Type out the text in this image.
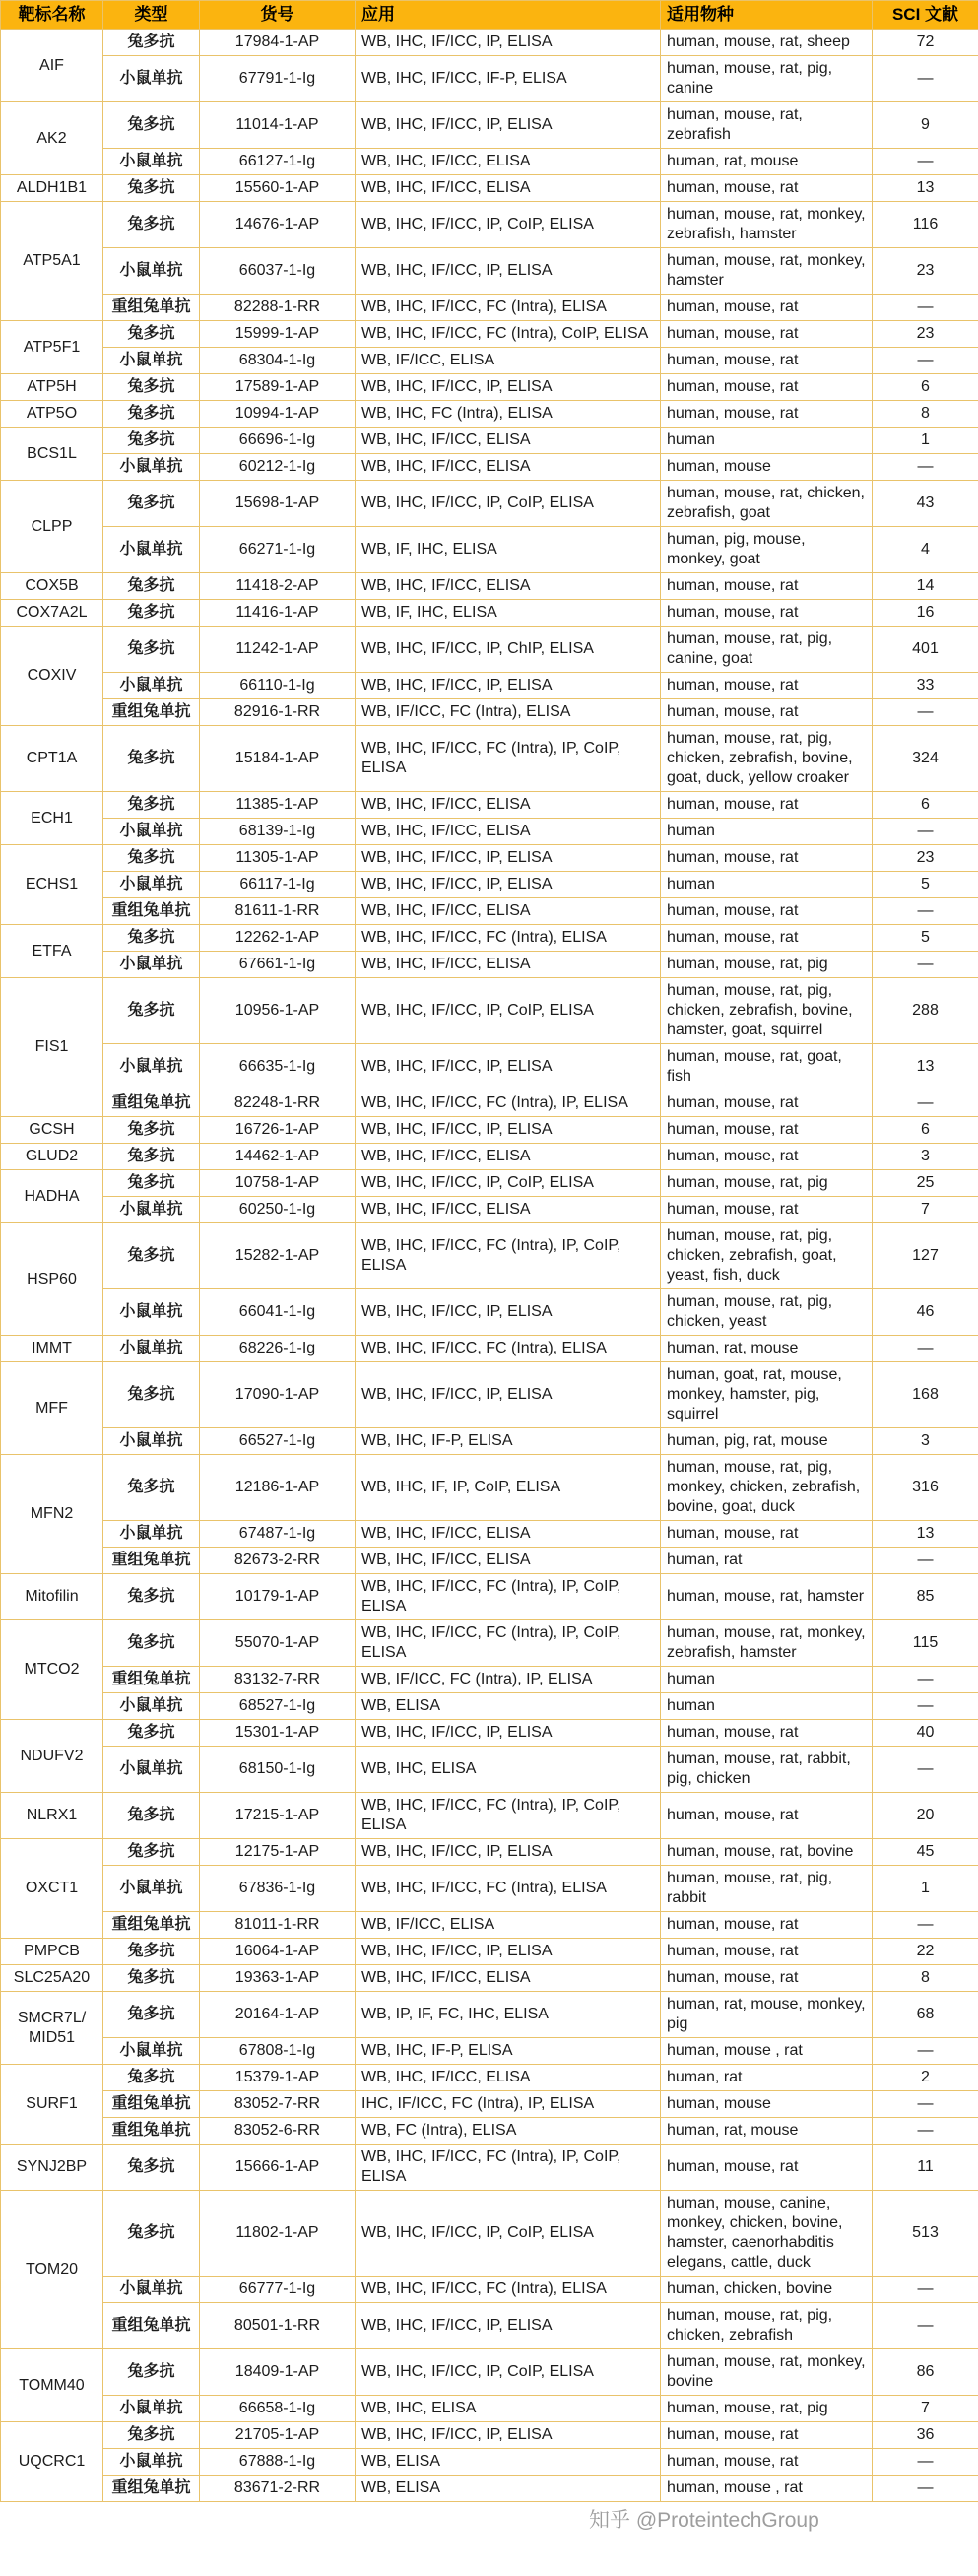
靶标名称	类型	货号	应用	适用物种	SCI 文献
AIF	兔多抗	17984-1-AP	WB, IHC, IF/ICC, IP, ELISA	human, mouse, rat, sheep	72
	小鼠单抗	67791-1-Ig	WB, IHC, IF/ICC, IF-P, ELISA	human, mouse, rat, pig, canine	—
AK2	兔多抗	11014-1-AP	WB, IHC, IF/ICC, IP, ELISA	human, mouse, rat, zebrafish	9
	小鼠单抗	66127-1-Ig	WB, IHC, IF/ICC, ELISA	human, rat, mouse	—
ALDH1B1	兔多抗	15560-1-AP	WB, IHC, IF/ICC, ELISA	human, mouse, rat	13
ATP5A1	兔多抗	14676-1-AP	WB, IHC, IF/ICC, IP, CoIP, ELISA	human, mouse, rat, monkey, zebrafish, hamster	116
	小鼠单抗	66037-1-Ig	WB, IHC, IF/ICC, IP, ELISA	human, mouse, rat, monkey, hamster	23
	重组兔单抗	82288-1-RR	WB, IHC, IF/ICC, FC (Intra), ELISA	human, mouse, rat	—
ATP5F1	兔多抗	15999-1-AP	WB, IHC, IF/ICC, FC (Intra), CoIP, ELISA	human, mouse, rat	23
	小鼠单抗	68304-1-Ig	WB, IF/ICC, ELISA	human, mouse, rat	—
ATP5H	兔多抗	17589-1-AP	WB, IHC, IF/ICC, IP, ELISA	human, mouse, rat	6
ATP5O	兔多抗	10994-1-AP	WB, IHC, FC (Intra), ELISA	human, mouse, rat	8
BCS1L	兔多抗	66696-1-Ig	WB, IHC, IF/ICC, ELISA	human	1
	小鼠单抗	60212-1-Ig	WB, IHC, IF/ICC, ELISA	human, mouse	—
CLPP	兔多抗	15698-1-AP	WB, IHC, IF/ICC, IP, CoIP, ELISA	human, mouse, rat, chicken, zebrafish, goat	43
	小鼠单抗	66271-1-Ig	WB, IF, IHC, ELISA	human, pig, mouse, monkey, goat	4
COX5B	兔多抗	11418-2-AP	WB, IHC, IF/ICC, ELISA	human, mouse, rat	14
COX7A2L	兔多抗	11416-1-AP	WB, IF, IHC, ELISA	human, mouse, rat	16
COXIV	兔多抗	11242-1-AP	WB, IHC, IF/ICC, IP, ChIP, ELISA	human, mouse, rat, pig, canine, goat	401
	小鼠单抗	66110-1-Ig	WB, IHC, IF/ICC, IP, ELISA	human, mouse, rat	33
	重组兔单抗	82916-1-RR	WB, IF/ICC, FC (Intra), ELISA	human, mouse, rat	—
CPT1A	兔多抗	15184-1-AP	WB, IHC, IF/ICC, FC (Intra), IP, CoIP, ELISA	human, mouse, rat, pig, chicken, zebrafish, bovine, goat, duck, yellow croaker	324
ECH1	兔多抗	11385-1-AP	WB, IHC, IF/ICC, ELISA	human, mouse, rat	6
	小鼠单抗	68139-1-Ig	WB, IHC, IF/ICC, ELISA	human	—
ECHS1	兔多抗	11305-1-AP	WB, IHC, IF/ICC, IP, ELISA	human, mouse, rat	23
	小鼠单抗	66117-1-Ig	WB, IHC, IF/ICC, IP, ELISA	human	5
	重组兔单抗	81611-1-RR	WB, IHC, IF/ICC, ELISA	human, mouse, rat	—
ETFA	兔多抗	12262-1-AP	WB, IHC, IF/ICC, FC (Intra), ELISA	human, mouse, rat	5
	小鼠单抗	67661-1-Ig	WB, IHC, IF/ICC, ELISA	human, mouse, rat, pig	—
FIS1	兔多抗	10956-1-AP	WB, IHC, IF/ICC, IP, CoIP, ELISA	human, mouse, rat, pig, chicken, zebrafish, bovine, hamster, goat, squirrel	288
	小鼠单抗	66635-1-Ig	WB, IHC, IF/ICC, IP, ELISA	human, mouse, rat, goat, fish	13
	重组兔单抗	82248-1-RR	WB, IHC, IF/ICC, FC (Intra), IP, ELISA	human, mouse, rat	—
GCSH	兔多抗	16726-1-AP	WB, IHC, IF/ICC, IP, ELISA	human, mouse, rat	6
GLUD2	兔多抗	14462-1-AP	WB, IHC, IF/ICC, ELISA	human, mouse, rat	3
HADHA	兔多抗	10758-1-AP	WB, IHC, IF/ICC, IP, CoIP, ELISA	human, mouse, rat, pig	25
	小鼠单抗	60250-1-Ig	WB, IHC, IF/ICC, ELISA	human, mouse, rat	7
HSP60	兔多抗	15282-1-AP	WB, IHC, IF/ICC, FC (Intra), IP, CoIP, ELISA	human, mouse, rat, pig, chicken, zebrafish, goat, yeast, fish, duck	127
	小鼠单抗	66041-1-Ig	WB, IHC, IF/ICC, IP, ELISA	human, mouse, rat, pig, chicken, yeast	46
IMMT	小鼠单抗	68226-1-Ig	WB, IHC, IF/ICC, FC (Intra), ELISA	human, rat, mouse	—
MFF	兔多抗	17090-1-AP	WB, IHC, IF/ICC, IP, ELISA	human, goat, rat, mouse, monkey, hamster, pig, squirrel	168
	小鼠单抗	66527-1-Ig	WB, IHC, IF-P, ELISA	human, pig, rat, mouse	3
MFN2	兔多抗	12186-1-AP	WB, IHC, IF, IP, CoIP, ELISA	human, mouse, rat, pig, monkey, chicken, zebrafish, bovine, goat, duck	316
	小鼠单抗	67487-1-Ig	WB, IHC, IF/ICC, ELISA	human, mouse, rat	13
	重组兔单抗	82673-2-RR	WB, IHC, IF/ICC, ELISA	human, rat	—
Mitofilin	兔多抗	10179-1-AP	WB, IHC, IF/ICC, FC (Intra), IP, CoIP, ELISA	human, mouse, rat, hamster	85
MTCO2	兔多抗	55070-1-AP	WB, IHC, IF/ICC, FC (Intra), IP, CoIP, ELISA	human, mouse, rat, monkey, zebrafish, hamster	115
	重组兔单抗	83132-7-RR	WB, IF/ICC, FC (Intra), IP, ELISA	human	—
	小鼠单抗	68527-1-Ig	WB, ELISA	human	—
NDUFV2	兔多抗	15301-1-AP	WB, IHC, IF/ICC, IP, ELISA	human, mouse, rat	40
	小鼠单抗	68150-1-Ig	WB, IHC, ELISA	human, mouse, rat, rabbit, pig, chicken	—
NLRX1	兔多抗	17215-1-AP	WB, IHC, IF/ICC, FC (Intra), IP, CoIP, ELISA	human, mouse, rat	20
OXCT1	兔多抗	12175-1-AP	WB, IHC, IF/ICC, IP, ELISA	human, mouse, rat, bovine	45
	小鼠单抗	67836-1-Ig	WB, IHC, IF/ICC, FC (Intra), ELISA	human, mouse, rat, pig, rabbit	1
	重组兔单抗	81011-1-RR	WB, IF/ICC, ELISA	human, mouse, rat	—
PMPCB	兔多抗	16064-1-AP	WB, IHC, IF/ICC, IP, ELISA	human, mouse, rat	22
SLC25A20	兔多抗	19363-1-AP	WB, IHC, IF/ICC, ELISA	human, mouse, rat	8
SMCR7L/ MID51	兔多抗	20164-1-AP	WB, IP, IF, FC, IHC, ELISA	human, rat, mouse, monkey, pig	68
	小鼠单抗	67808-1-Ig	WB, IHC, IF-P, ELISA	human, mouse , rat	—
SURF1	兔多抗	15379-1-AP	WB, IHC, IF/ICC, ELISA	human, rat	2
	重组兔单抗	83052-7-RR	IHC, IF/ICC, FC (Intra), IP, ELISA	human, mouse	—
	重组兔单抗	83052-6-RR	WB, FC (Intra), ELISA	human, rat, mouse	—
SYNJ2BP	兔多抗	15666-1-AP	WB, IHC, IF/ICC, FC (Intra), IP, CoIP, ELISA	human, mouse, rat	11
TOM20	兔多抗	11802-1-AP	WB, IHC, IF/ICC, IP, CoIP, ELISA	human, mouse, canine, monkey, chicken, bovine, hamster, caenorhabditis elegans, cattle, duck	513
	小鼠单抗	66777-1-Ig	WB, IHC, IF/ICC, FC (Intra), ELISA	human, chicken, bovine	—
	重组兔单抗	80501-1-RR	WB, IHC, IF/ICC, IP, ELISA	human, mouse, rat, pig, chicken, zebrafish	—
TOMM40	兔多抗	18409-1-AP	WB, IHC, IF/ICC, IP, CoIP, ELISA	human, mouse, rat, monkey, bovine	86
	小鼠单抗	66658-1-Ig	WB, IHC, ELISA	human, mouse, rat, pig	7
UQCRC1	兔多抗	21705-1-AP	WB, IHC, IF/ICC, IP, ELISA	human, mouse, rat	36
	小鼠单抗	67888-1-Ig	WB, ELISA	human, mouse, rat	—
	重组兔单抗	83671-2-RR	WB, ELISA	human, mouse , rat	—
知乎 @ProteintechGroup
